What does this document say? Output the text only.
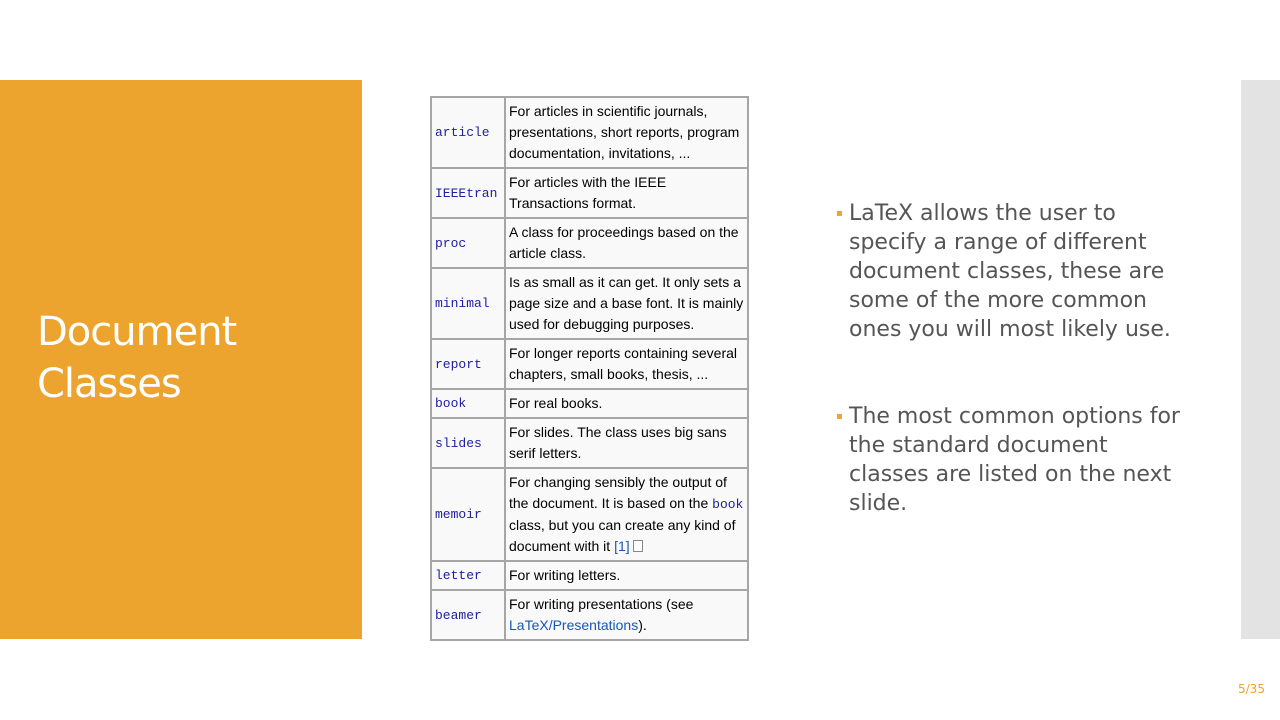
Document Classes
article	For articles in scientific journals, presentations, short reports, program documentation, invitations, ...
IEEEtran	For articles with the IEEE Transactions format.
proc	A class for proceedings based on the article class.
minimal	Is as small as it can get. It only sets a page size and a base font. It is mainly used for debugging purposes.
report	For longer reports containing several chapters, small books, thesis, ...
book	For real books.
slides	For slides. The class uses big sans serif letters.
memoir	For changing sensibly the output of the document. It is based on the book class, but you can create any kind of document with it [1]
letter	For writing letters.
beamer	For writing presentations (see LaTeX/Presentations).
▪ LaTeX allows the user to specify a range of different document classes, these are some of the more common ones you will most likely use.
▪ The most common options for the standard document classes are listed on the next slide.
5/35
